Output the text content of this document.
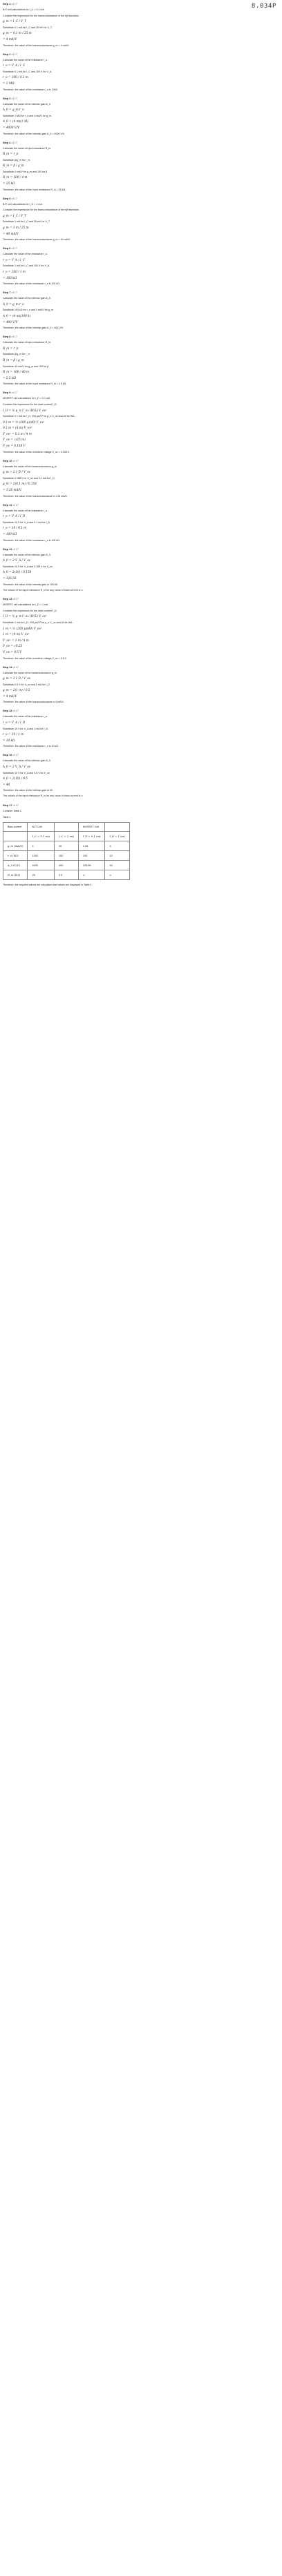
8.034P
Step 1 of 17
BJT cell calculations for I_C = 0.1 mA
Consider the expression for the transconductance of the bjt transistor.
g_m = I_C / V_T
Substitute 0.1 mA for I_C and 25 mV for V_T.
g_m = 0.1 m / 25 m
= 4 mA/V
Therefore, the value of the transconductance g_m = 4 mA/V.
Step 2 of 17
Calculate the value of the resistance r_o.
r_o = V_A / I_C
Substitute 0.1 mA for I_C and 100 V for V_A.
r_o = 100 / 0.1 m
= 1 MΩ
Therefore, the value of the resistance r_o is 1 MΩ.
Step 3 of 17
Calculate the value of the intrinsic gain A_0.
A_0 = g_m r_o
Substitute 1 MΩ for r_o and 4 mA/V for g_m.
A_0 = (4 m)(1 M)
= 4000 V/V
Therefore, the value of the intrinsic gain A_0 = 4000 V/V.
Step 4 of 17
Calculate the value of input resistance R_in.
R_in = r_π
Substitute β/g_m for r_π.
R_in = β / g_m
Substitute 4 mA/V for g_m and 100 for β.
R_in = 100 / 4 m
= 25 kΩ
Therefore, the value of the input resistance R_in = 25 kΩ.
Step 5 of 17
BJT cell calculations for I_C = 1 mA
Consider the expression for the transconductance of the bjt transistor.
g_m = I_C / V_T
Substitute 1 mA for I_C and 25 mV for V_T.
g_m = 1 m / 25 m
= 40 mA/V
Therefore, the value of the transconductance g_m = 40 mA/V.
Step 6 of 17
Calculate the value of the resistance r_o.
r_o = V_A / I_C
Substitute 1 mA for I_C and 100 V for V_A.
r_o = 100 / 1 m
= 100 kΩ
Therefore, the value of the resistance r_o is 100 kΩ.
Step 7 of 17
Calculate the value of the intrinsic gain A_0.
A_0 = g_m r_o
Substitute 100 kΩ for r_o and 4 mA/V for g_m.
A_0 = (4 m)(100 k)
= 400 V/V
Therefore, the value of the intrinsic gain A_0 = 400 V/V.
Step 8 of 17
Calculate the value of input resistance R_in.
R_in = r_π
Substitute β/g_m for r_π.
R_in = β / g_m
Substitute 40 mA/V for g_m and 100 for β.
R_in = 100 / 40 m
= 2.5 kΩ
Therefore, the value of the input resistance R_in = 2.5 kΩ.
Step 9 of 17
MOSFET cell calculations for I_D = 0.1 mA
Consider the expression for the drain current I_D.
I_D = ½ μ_n C_ox (W/L) V_ov²
Substitute 0.1 mA for I_D, 200 μA/V² for μ_n C_ox and 40 for W/L.
0.1 m = ½ (200 μ)(40) V_ov²
0.1 m = (4 m) V_ov²
V_ov² = 0.1 m / 4 m
V_ov = √(25 m)
V_ov = 0.158 V
Therefore, the value of the overdrive voltage V_ov = 0.158 V.
Step 10 of 17
Calculate the value of the transconductance g_m.
g_m = 2 I_D / V_ov
Substitute 0.158 V for V_ov and 0.1 mA for I_D.
g_m = 2(0.1 m) / 0.158
= 1.26 mA/V
Therefore, the value of the transconductance is 1.26 mA/V.
Step 11 of 17
Calculate the value of the resistance r_o.
r_o = V_A / I_D
Substitute 10 V for V_A and 0.1 mA for I_D.
r_o = 10 / 0.1 m
= 100 kΩ
Therefore, the value of the resistance r_o is 100 kΩ.
Step 12 of 17
Calculate the value of the intrinsic gain A_0.
A_0 = 2 V_A / V_ov
Substitute 10 V for V_A and 0.158 V for V_ov.
A_0 = 2(10) / 0.158
= 126.58
Therefore, the value of the intrinsic gain is 126.58.
The values of the input resistance R_in for any value of drain current is ∞.
Step 13 of 17
MOSFET cell calculations for I_D = 1 mA
Consider the expression for the drain current I_D.
I_D = ½ μ_n C_ox (W/L) V_ov²
Substitute 1 mA for I_D, 200 μA/V² for μ_n C_ox and 40 for W/L.
1 m = ½ (200 μ)(40) V_ov²
1 m = (4 m) V_ov²
V_ov² = 1 m / 4 m
V_ov = √0.25
V_ov = 0.5 V
Therefore, the value of the overdrive voltage V_ov = 0.5 V.
Step 14 of 17
Calculate the value of the transconductance g_m.
g_m = 2 I_D / V_ov
Substitute 0.5 V for V_ov and 1 mA for I_D.
g_m = 2(1 m) / 0.5
= 4 mA/V
Therefore, the value of the transconductance is 4 mA/V.
Step 15 of 17
Calculate the value of the resistance r_o.
r_o = V_A / I_D
Substitute 10 V for V_A and 1 mA for I_D.
r_o = 10 / 1 m
= 10 kΩ
Therefore, the value of the resistance r_o is 10 kΩ.
Step 16 of 17
Calculate the value of the intrinsic gain A_0.
A_0 = 2 V_A / V_ov
Substitute 10 V for V_A and 0.5 V for V_ov.
A_0 = 2(10) / 0.5
= 40
Therefore, the value of the intrinsic gain is 40.
The values of the input resistance R_in for any value of drain current is ∞.
Step 17 of 17
Consider Table 1.
Table 1
Bias current	BJT Cell		MOSFET Cell	
	I_C = 0.1 mA	I_C = 1 mA	I_D = 0.1 mA	I_D = 1 mA
g_m (mA/V)	4	40	1.26	4
r_o (kΩ)	1000	100	100	10
A_0 (V/V)	4000	400	126.58	40
R_in (kΩ)	25	2.5	∞	∞
Therefore, the required values are calculated and values are displayed in Table 1.
